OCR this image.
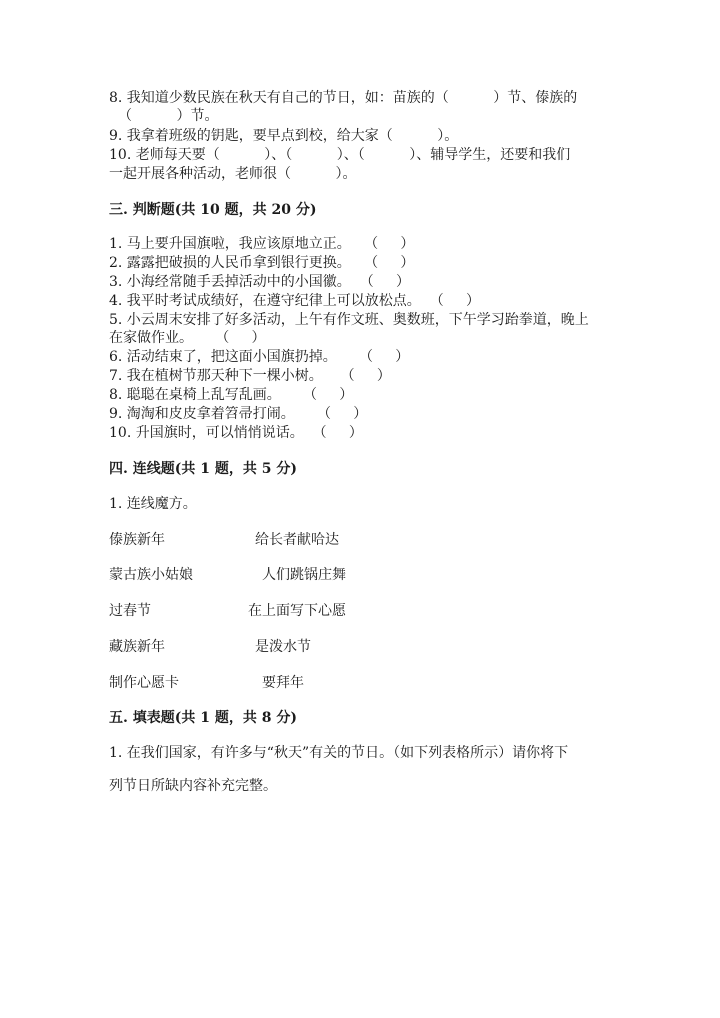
8. 我知道少数民族在秋天有自己的节日，如：苗族的（          ）节、傣族的
（          ）节。
9. 我拿着班级的钥匙，要早点到校，给大家（          ）。
10. 老师每天要（          ）、（          ）、（          ）、辅导学生，还要和我们
一起开展各种活动，老师很（          ）。
三. 判断题(共 10 题，共 20 分)
1. 马上要升国旗啦，我应该原地立正。   （     ）
2. 露露把破损的人民币拿到银行更换。   （     ）
3. 小海经常随手丢掉活动中的小国徽。  （     ）
4. 我平时考试成绩好，在遵守纪律上可以放松点。  （     ）
5. 小云周末安排了好多活动，上午有作文班、奥数班，下午学习跆拳道，晚上
在家做作业。     （     ）
6. 活动结束了，把这面小国旗扔掉。     （     ）
7. 我在植树节那天种下一棵小树。    （     ）
8. 聪聪在桌椅上乱写乱画。     （     ）
9. 淘淘和皮皮拿着笤帚打闹。     （     ）
10. 升国旗时，可以悄悄说话。  （     ）
四. 连线题(共 1 题，共 5 分)
1. 连线魔方。
傣族新年	给长者献哈达
蒙古族小姑娘	人们跳锅庄舞
过春节	在上面写下心愿
藏族新年	是泼水节
制作心愿卡	要拜年
五. 填表题(共 1 题，共 8 分)
1. 在我们国家，有许多与“秋天”有关的节日。（如下列表格所示）请你将下
列节日所缺内容补充完整。
